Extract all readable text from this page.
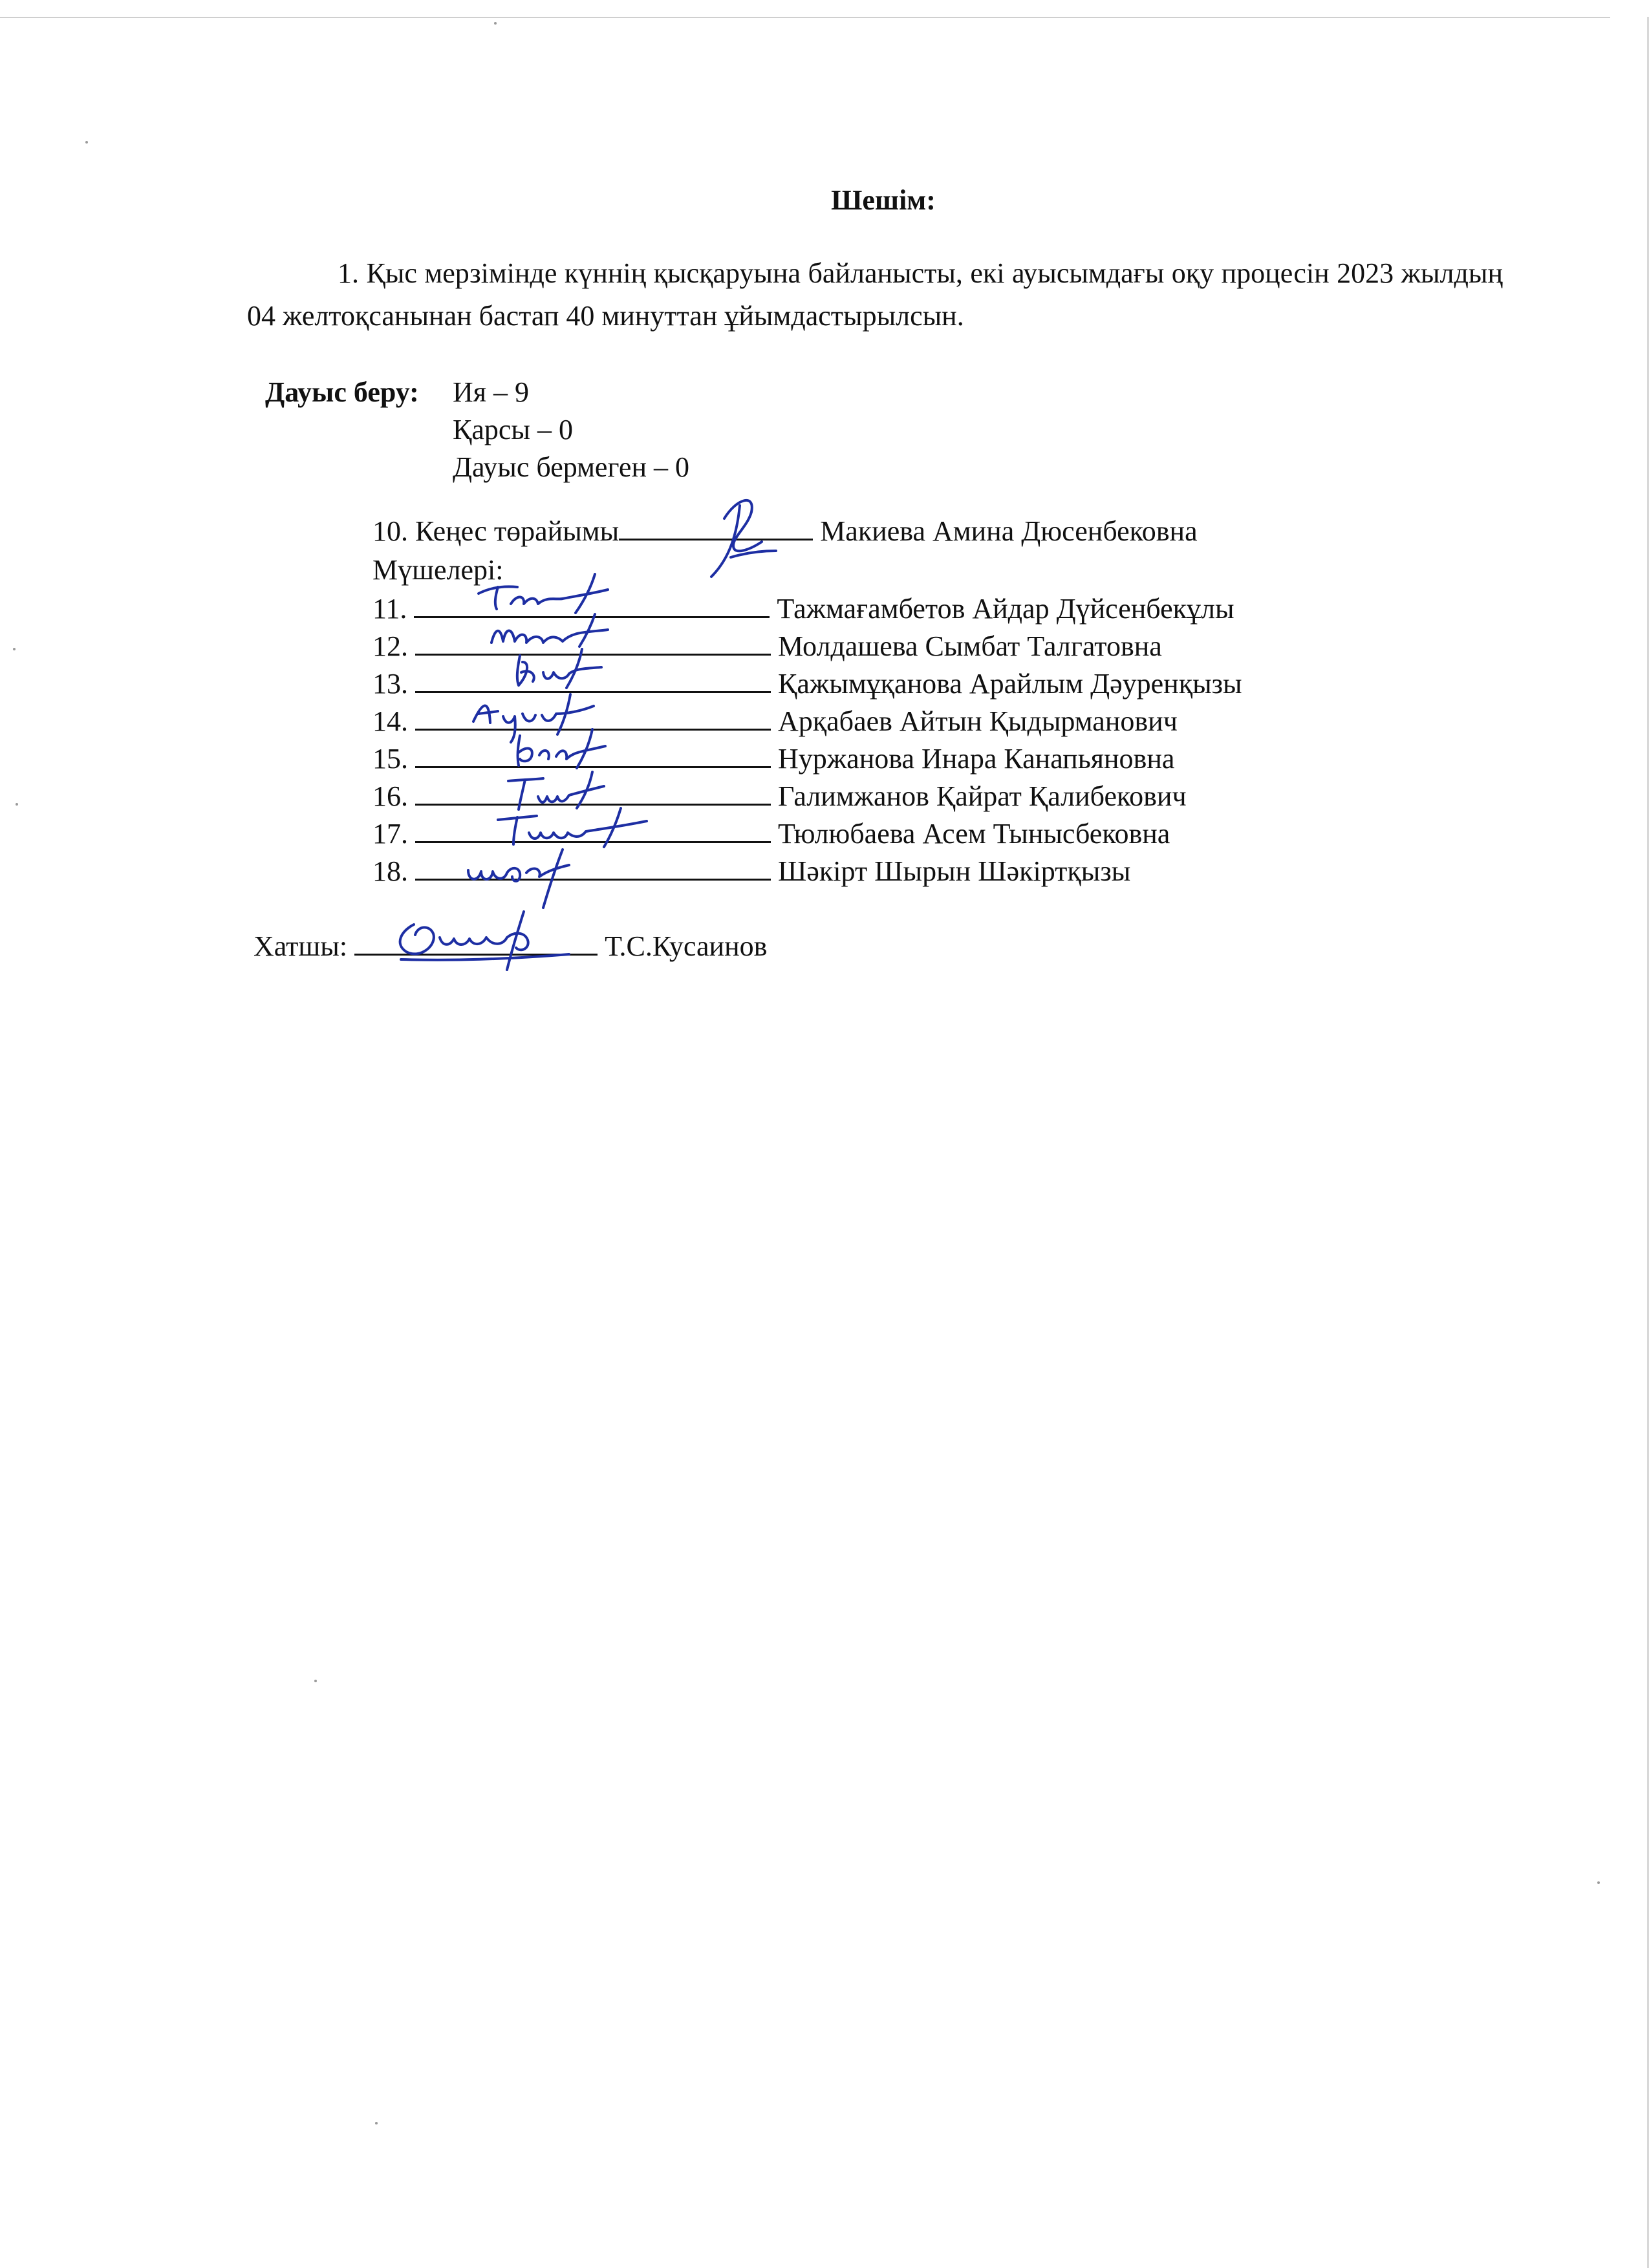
Шешім:

1. Қыс мерзімінде күннің қысқаруына байланысты, екі ауысымдағы оқу процесін 2023 жылдың 04 желтоқсанынан бастап 40 минуттан ұйымдастырылсын.

Дауыс беру: Ия – 9
Қарсы – 0
Дауыс бермеген – 0
10. Кеңес төрайымы	Макиева Амина Дюсенбековна
Мүшелері:
11.	Тажмағамбетов Айдар Дүйсенбекұлы
12.	Молдашева Сымбат Талгатовна
13.	Қажымұқанова Арайлым Дәуренқызы
14.	Арқабаев Айтын Қыдырманович
15.	Нуржанова Инара Канапьяновна
16.	Галимжанов Қайрат Қалибекович
17.	Тюлюбаева Асем Тынысбековна
18.	Шәкірт Шырын Шәкіртқызы
Хатшы:	Т.С.Кусаинов
